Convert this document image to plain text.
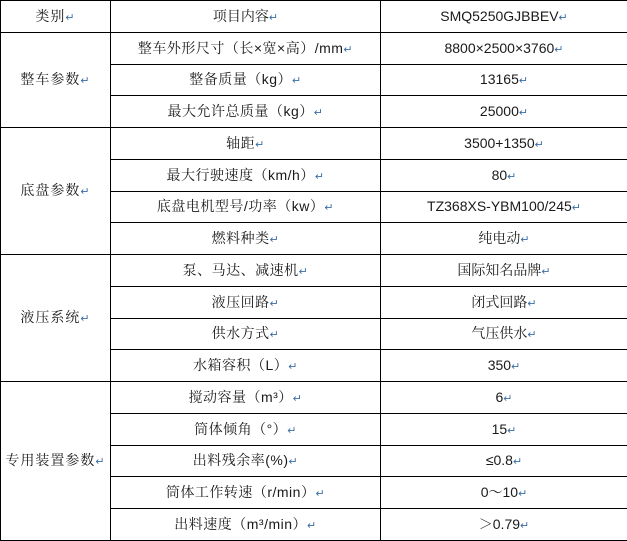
类别↵	项目内容↵	SMQ5250GJBBEV↵
整车参数↵	整车外形尺寸（长×宽×高）/mm↵	8800×2500×3760↵
	整备质量（kg）↵	13165↵
	最大允许总质量（kg）↵	25000↵
底盘参数↵	轴距↵	3500+1350↵
	最大行驶速度（km/h）↵	80↵
	底盘电机型号/功率（kw）↵	TZ368XS-YBM100/245↵
	燃料种类↵	纯电动↵
液压系统↵	泵、马达、减速机↵	国际知名品牌↵
	液压回路↵	闭式回路↵
	供水方式↵	气压供水↵
	水箱容积（L）↵	350↵
专用装置参数↵	搅动容量（m³）↵	6↵
	筒体倾角（°）↵	15↵
	出料残余率(%)↵	≤0.8↵
	筒体工作转速（r/min）↵	0～10↵
	出料速度（m³/min）↵	＞0.79↵
